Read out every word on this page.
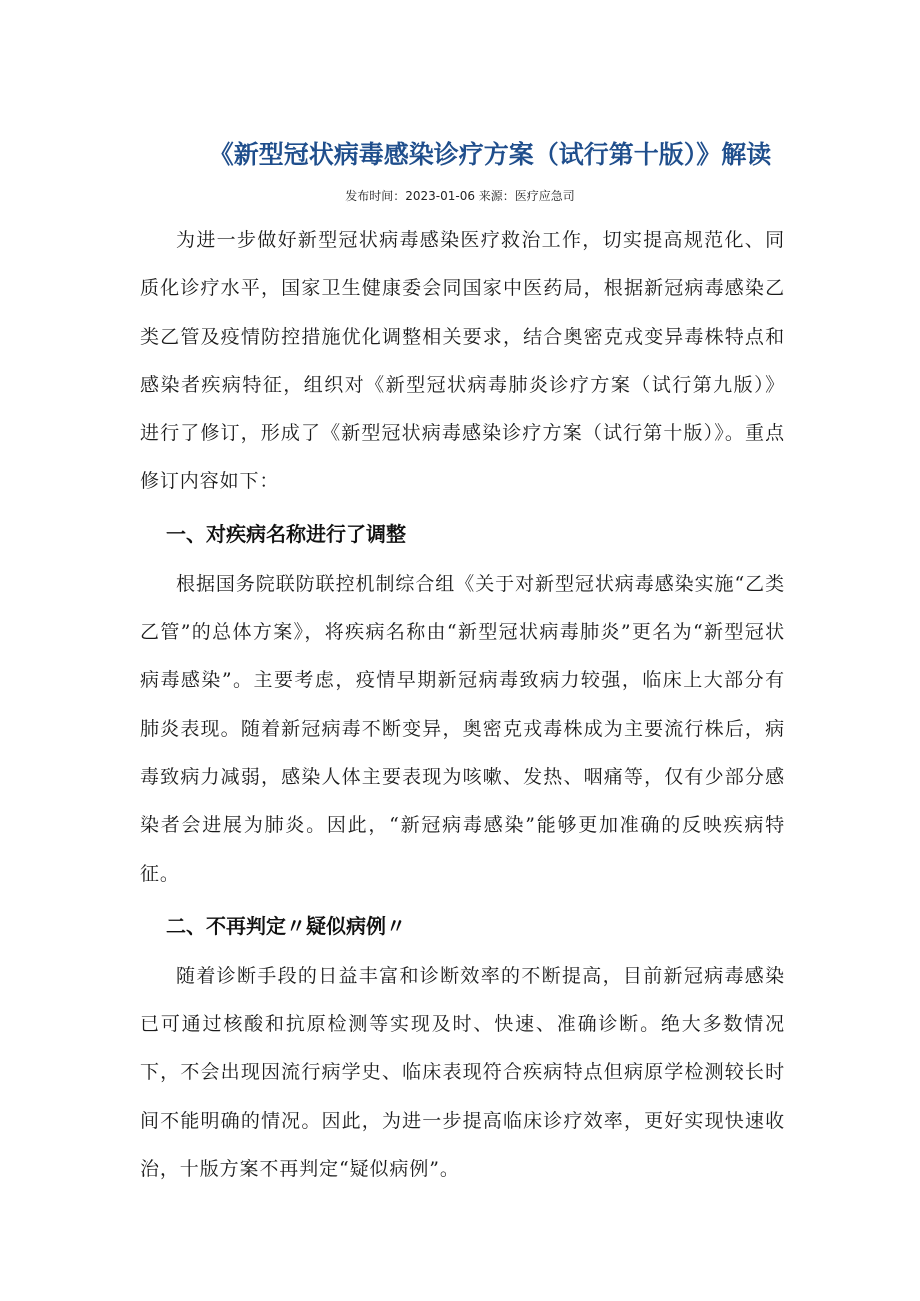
《新型冠状病毒感染诊疗方案（试行第十版）》解读
发布时间：2023-01-06 来源：医疗应急司

为进一步做好新型冠状病毒感染医疗救治工作，切实提高规范化、同质化诊疗水平，国家卫生健康委会同国家中医药局，根据新冠病毒感染乙类乙管及疫情防控措施优化调整相关要求，结合奥密克戎变异毒株特点和感染者疾病特征，组织对《新型冠状病毒肺炎诊疗方案（试行第九版）》进行了修订，形成了《新型冠状病毒感染诊疗方案（试行第十版）》。重点修订内容如下：

一、对疾病名称进行了调整

根据国务院联防联控机制综合组《关于对新型冠状病毒感染实施“乙类乙管”的总体方案》，将疾病名称由“新型冠状病毒肺炎”更名为“新型冠状病毒感染”。主要考虑，疫情早期新冠病毒致病力较强，临床上大部分有肺炎表现。随着新冠病毒不断变异，奥密克戎毒株成为主要流行株后，病毒致病力减弱，感染人体主要表现为咳嗽、发热、咽痛等，仅有少部分感染者会进展为肺炎。因此，“新冠病毒感染”能够更加准确的反映疾病特征。

二、不再判定〃疑似病例〃

随着诊断手段的日益丰富和诊断效率的不断提高，目前新冠病毒感染已可通过核酸和抗原检测等实现及时、快速、准确诊断。绝大多数情况下，不会出现因流行病学史、临床表现符合疾病特点但病原学检测较长时间不能明确的情况。因此，为进一步提高临床诊疗效率，更好实现快速收治，十版方案不再判定“疑似病例”。
